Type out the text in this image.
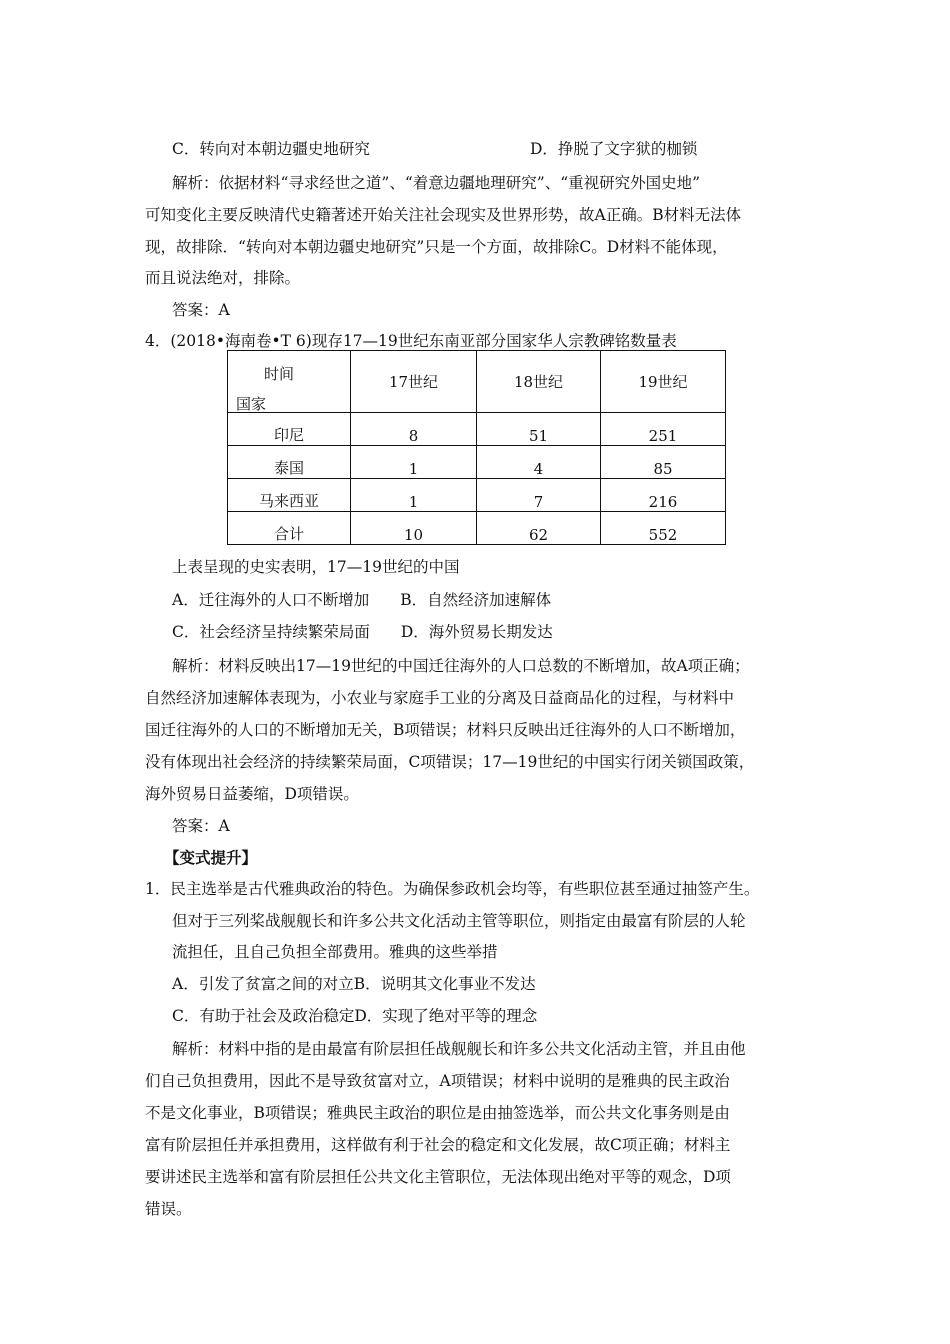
C．转向对本朝边疆史地研究	D．挣脱了文字狱的枷锁
解析：依据材料“寻求经世之道”、“着意边疆地理研究”、“重视研究外国史地”
可知变化主要反映清代史籍著述开始关注社会现实及世界形势，故A正确。B材料无法体
现，故排除．“转向对本朝边疆史地研究”只是一个方面，故排除C。D材料不能体现，
而且说法绝对，排除。
答案：A
4．(2018•海南卷•T 6)现存17—19世纪东南亚部分国家华人宗教碑铭数量表
时间
国家	17世纪	18世纪	19世纪
印尼	8	51	251
泰国	1	4	85
马来西亚	1	7	216
合计	10	62	552
上表呈现的史实表明，17—19世纪的中国
A．迁往海外的人口不断增加　　B．自然经济加速解体
C．社会经济呈持续繁荣局面　　D．海外贸易长期发达
解析：材料反映出17—19世纪的中国迁往海外的人口总数的不断增加，故A项正确；
自然经济加速解体表现为，小农业与家庭手工业的分离及日益商品化的过程，与材料中
国迁往海外的人口的不断增加无关，B项错误；材料只反映出迁往海外的人口不断增加，
没有体现出社会经济的持续繁荣局面，C项错误；17—19世纪的中国实行闭关锁国政策，
海外贸易日益萎缩，D项错误。
答案：A
【变式提升】
1．民主选举是古代雅典政治的特色。为确保参政机会均等，有些职位甚至通过抽签产生。
但对于三列桨战舰舰长和许多公共文化活动主管等职位，则指定由最富有阶层的人轮
流担任，且自己负担全部费用。雅典的这些举措
A．引发了贫富之间的对立B．说明其文化事业不发达
C．有助于社会及政治稳定D．实现了绝对平等的理念
解析：材料中指的是由最富有阶层担任战舰舰长和许多公共文化活动主管，并且由他
们自己负担费用，因此不是导致贫富对立，A项错误；材料中说明的是雅典的民主政治
不是文化事业，B项错误；雅典民主政治的职位是由抽签选举，而公共文化事务则是由
富有阶层担任并承担费用，这样做有利于社会的稳定和文化发展，故C项正确；材料主
要讲述民主选举和富有阶层担任公共文化主管职位，无法体现出绝对平等的观念，D项
错误。
